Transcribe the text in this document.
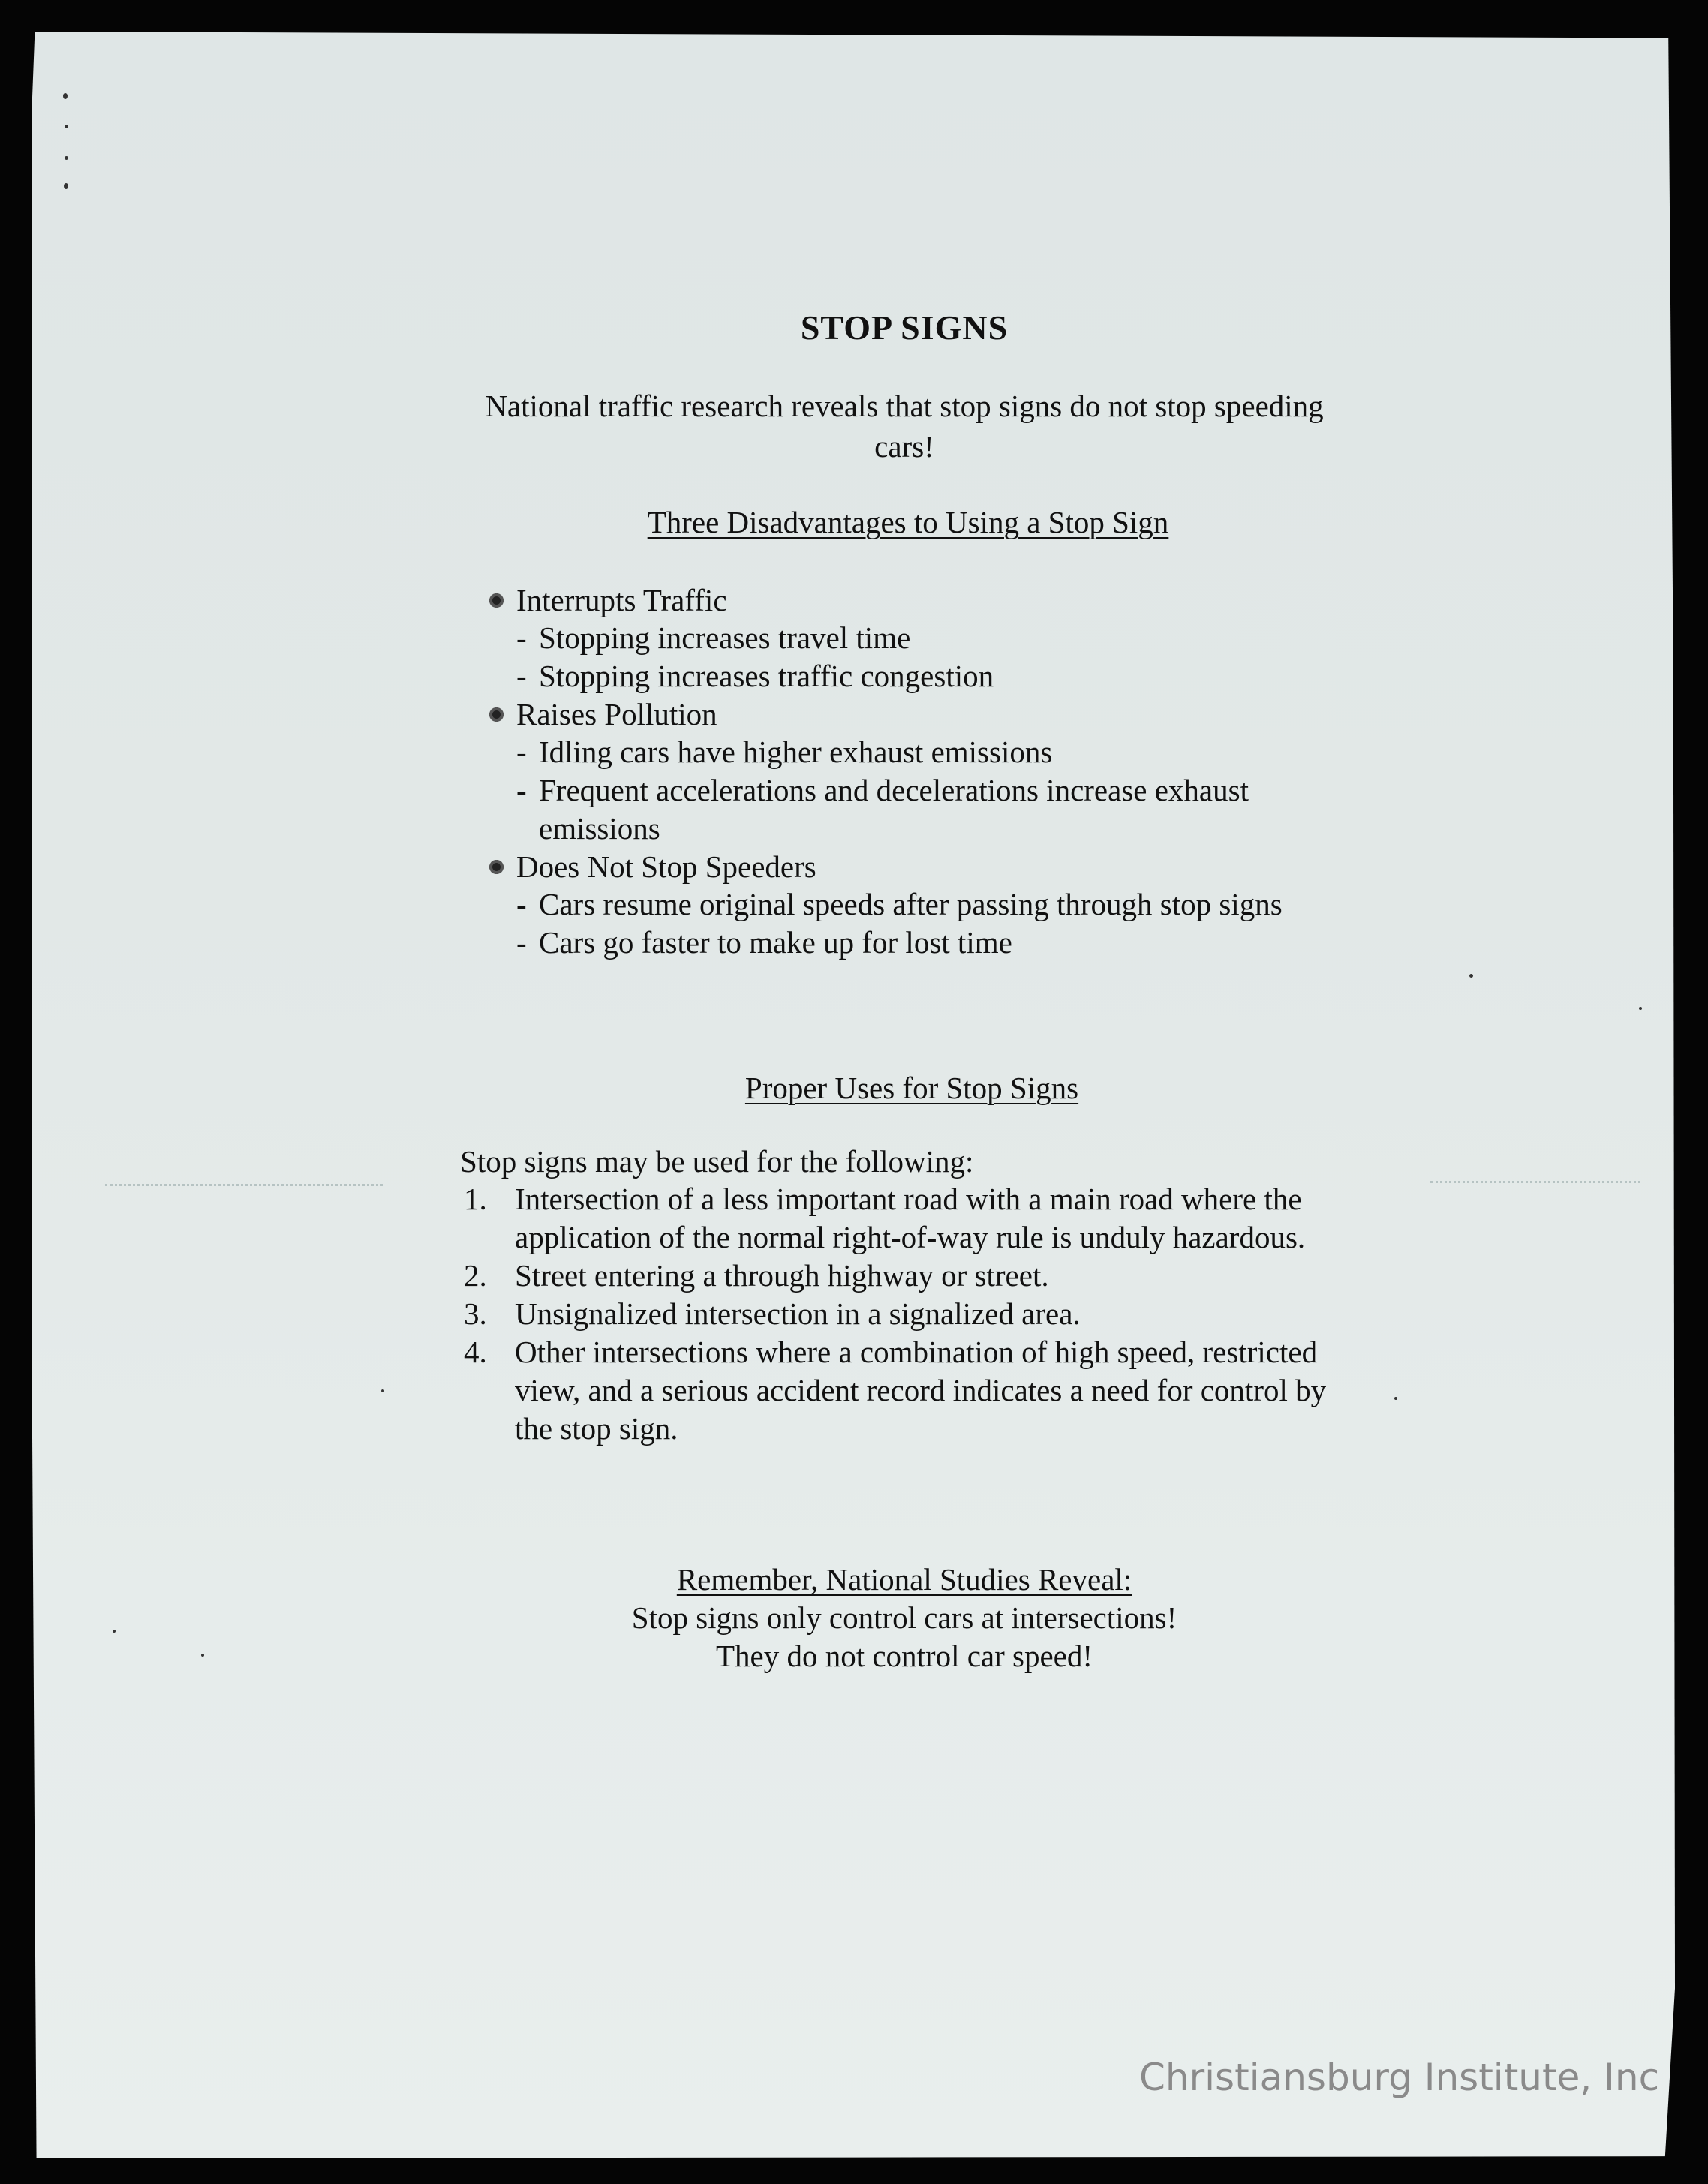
STOP SIGNS
National traffic research reveals that stop signs do not stop speeding cars!
Three Disadvantages to Using a Stop Sign
Interrupts Traffic
- Stopping increases travel time
- Stopping increases traffic congestion
Raises Pollution
- Idling cars have higher exhaust emissions
- Frequent accelerations and decelerations increase exhaust emissions
Does Not Stop Speeders
- Cars resume original speeds after passing through stop signs
- Cars go faster to make up for lost time
Proper Uses for Stop Signs
Stop signs may be used for the following:
1. Intersection of a less important road with a main road where the application of the normal right-of-way rule is unduly hazardous.
2. Street entering a through highway or street.
3. Unsignalized intersection in a signalized area.
4. Other intersections where a combination of high speed, restricted view, and a serious accident record indicates a need for control by the stop sign.
Remember, National Studies Reveal:
Stop signs only control cars at intersections!
They do not control car speed!
Christiansburg Institute, Inc
